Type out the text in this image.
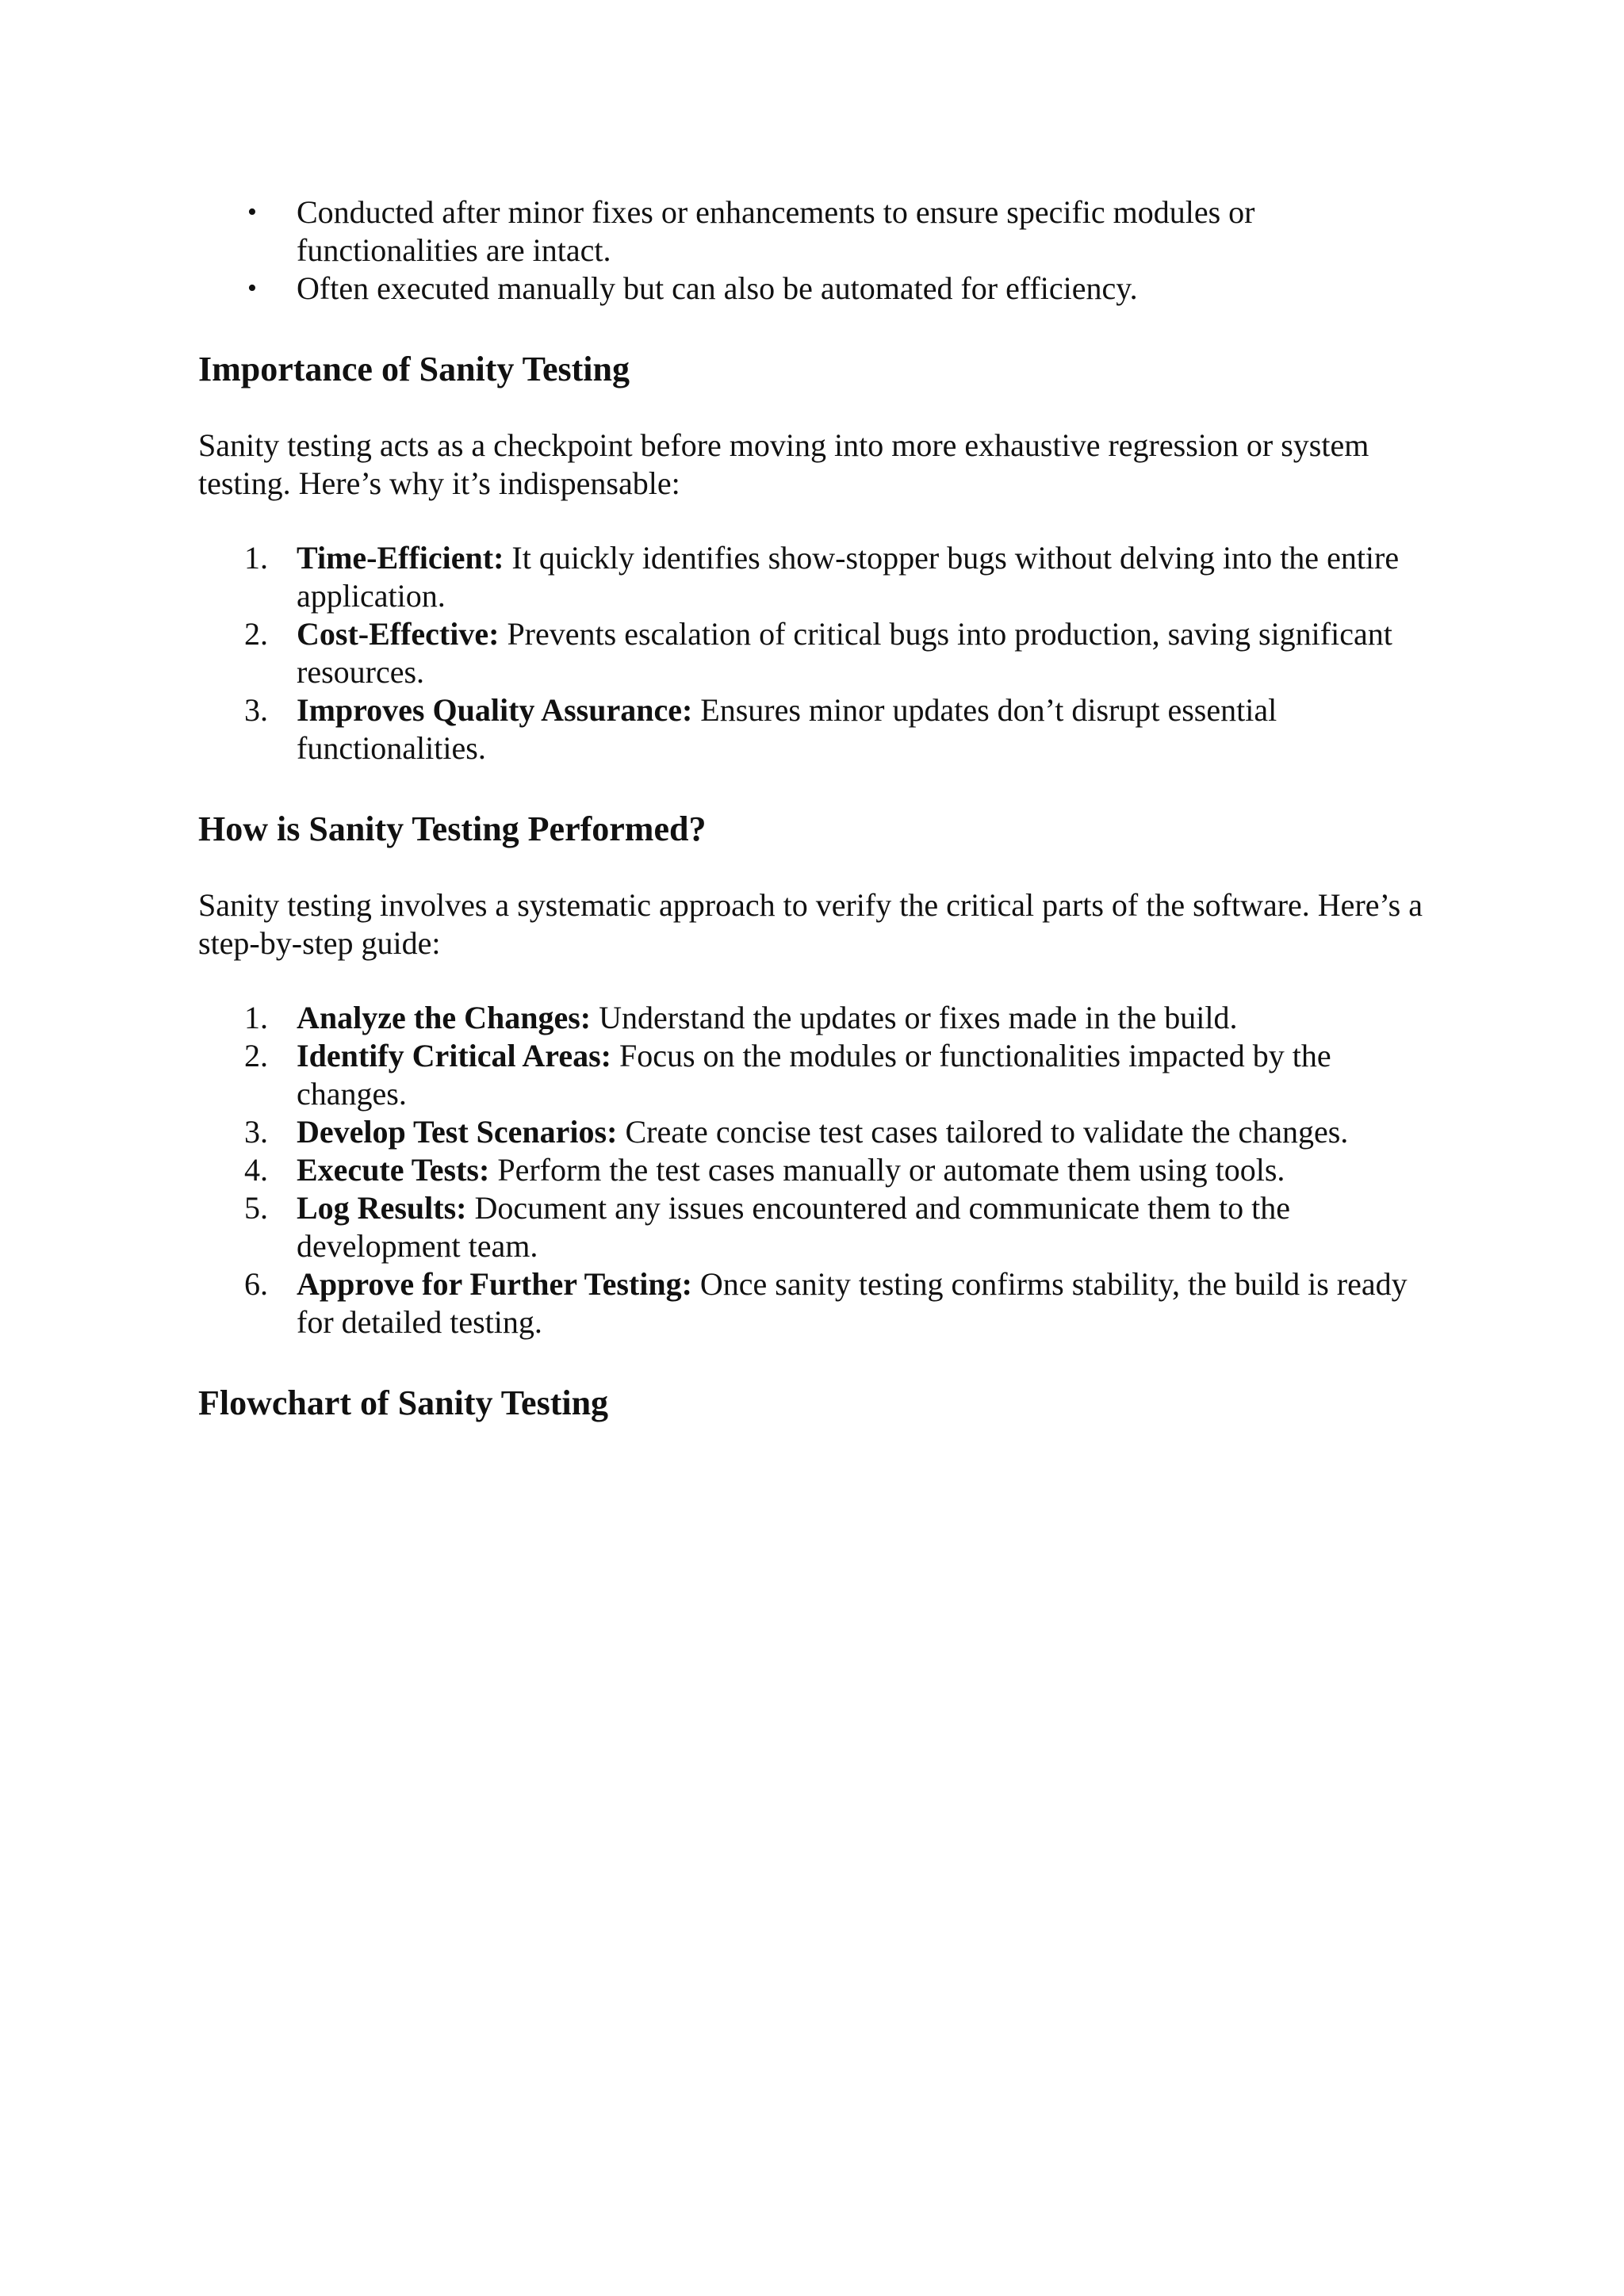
• Conducted after minor fixes or enhancements to ensure specific modules or functionalities are intact.
• Often executed manually but can also be automated for efficiency.
Importance of Sanity Testing

Sanity testing acts as a checkpoint before moving into more exhaustive regression or system testing. Here’s why it’s indispensable:

1. Time-Efficient: It quickly identifies show-stopper bugs without delving into the entire application.
2. Cost-Effective: Prevents escalation of critical bugs into production, saving significant resources.
3. Improves Quality Assurance: Ensures minor updates don’t disrupt essential functionalities.
How is Sanity Testing Performed?

Sanity testing involves a systematic approach to verify the critical parts of the software. Here’s a step-by-step guide:

1. Analyze the Changes: Understand the updates or fixes made in the build.
2. Identify Critical Areas: Focus on the modules or functionalities impacted by the changes.
3. Develop Test Scenarios: Create concise test cases tailored to validate the changes.
4. Execute Tests: Perform the test cases manually or automate them using tools.
5. Log Results: Document any issues encountered and communicate them to the development team.
6. Approve for Further Testing: Once sanity testing confirms stability, the build is ready for detailed testing.
Flowchart of Sanity Testing
